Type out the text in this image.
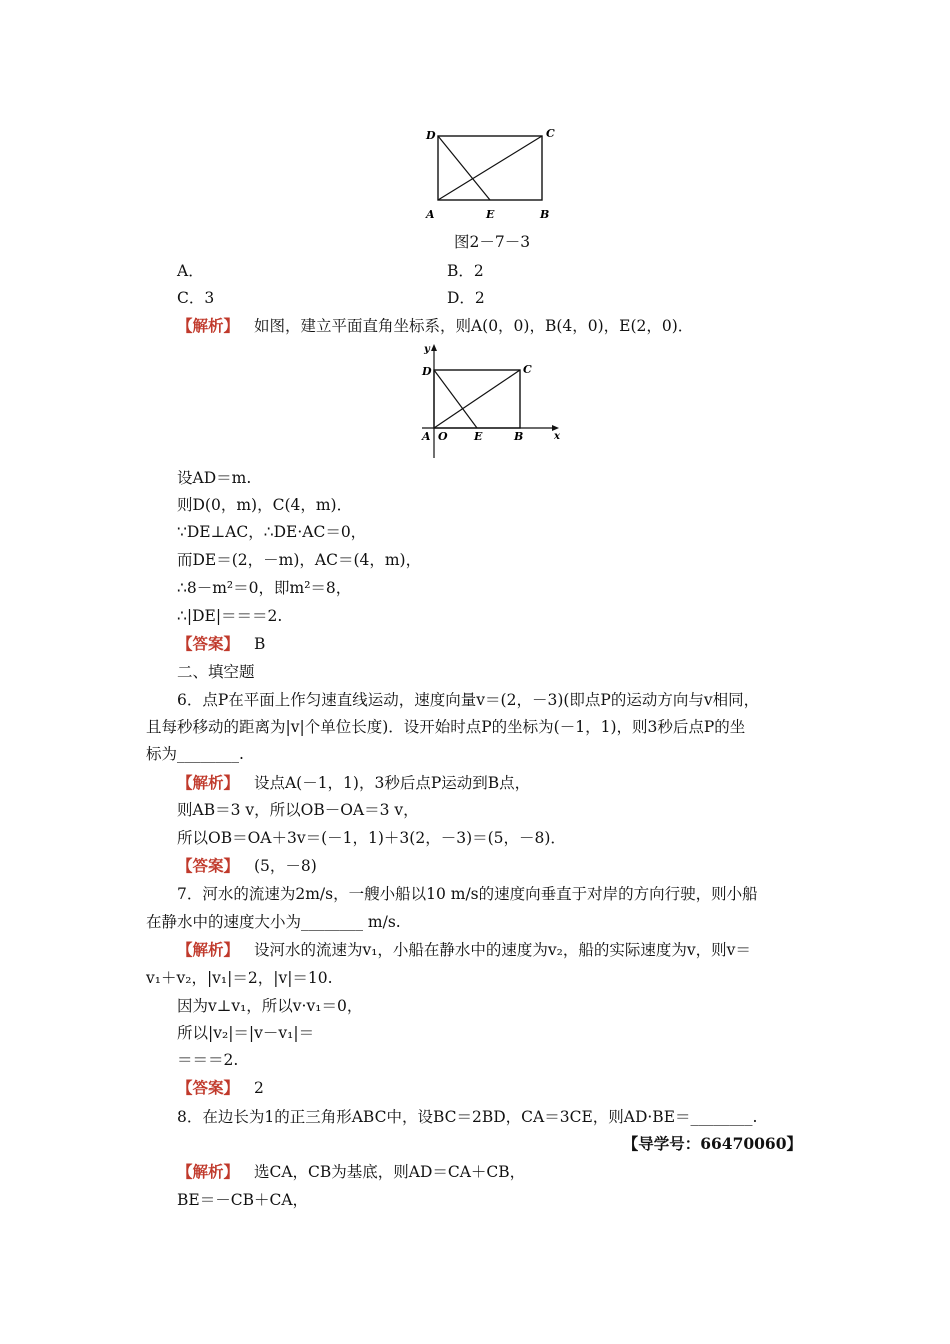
D	C
A	E	B
图2－7－3
A．	B．2
C．3	D．2
【解析】 如图，建立平面直角坐标系，则A(0，0)，B(4，0)，E(2，0)．
y
x
D	C
A O E	B
设AD＝m.
则D(0，m)，C(4，m)．
∵DE⊥AC，∴DE·AC＝0，
而DE＝(2，－m)，AC＝(4，m)，
∴8－m²＝0，即m²＝8，
∴|DE|＝＝＝2.
【答案】 B
二、填空题
6．点P在平面上作匀速直线运动，速度向量v＝(2，－3)(即点P的运动方向与v相同，
且每秒移动的距离为|v|个单位长度)．设开始时点P的坐标为(－1，1)，则3秒后点P的坐
标为________.
【解析】 设点A(－1，1)，3秒后点P运动到B点，
则AB＝3 v，所以OB－OA＝3 v，
所以OB＝OA＋3v＝(－1，1)＋3(2，－3)＝(5，－8)．
【答案】 (5，－8)
7．河水的流速为2m/s，一艘小船以10 m/s的速度向垂直于对岸的方向行驶，则小船
在静水中的速度大小为________ m/s.
【解析】 设河水的流速为v₁，小船在静水中的速度为v₂，船的实际速度为v，则v＝
v₁＋v₂，|v₁|＝2，|v|＝10.
因为v⊥v₁，所以v·v₁＝0，
所以|v₂|＝|v－v₁|＝
＝＝＝2.
【答案】 2
8．在边长为1的正三角形ABC中，设BC＝2BD，CA＝3CE，则AD·BE＝________.
【导学号：66470060】
【解析】 选CA，CB为基底，则AD＝CA＋CB，
BE＝－CB＋CA，
